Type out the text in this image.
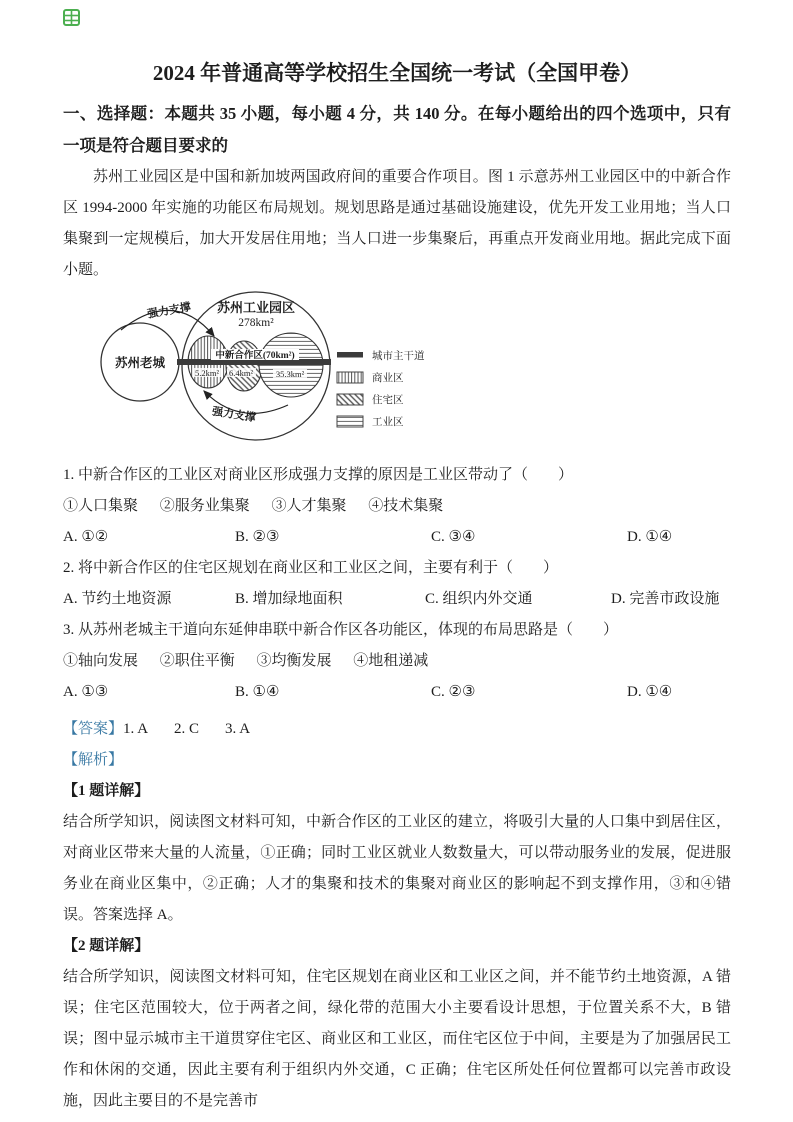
2024 年普通高等学校招生全国统一考试（全国甲卷）
一、选择题：本题共 35 小题，每小题 4 分，共 140 分。在每小题给出的四个选项中，只有一项是符合题目要求的

苏州工业园区是中国和新加坡两国政府间的重要合作项目。图 1 示意苏州工业园区中的中新合作区 1994-2000 年实施的功能区布局规划。规划思路是通过基础设施建设，优先开发工业用地；当人口集聚到一定规模后，加大开发居住用地；当人口进一步集聚后，再重点开发商业用地。据此完成下面小题。

苏州工业园区
278km²
中新合作区(70km²)
5.2km² 6.4km²	35.3km²
苏州老城
强力支撑
强力支撑
城市主干道
商业区
住宅区
工业区
1. 中新合作区的工业区对商业区形成强力支撑的原因是工业区带动了（　　）
①人口集聚 ②服务业集聚 ③人才集聚 ④技术集聚
A. ①②	B. ②③	C. ③④	D. ①④
2. 将中新合作区的住宅区规划在商业区和工业区之间，主要有利于（　　）
A. 节约土地资源	B. 增加绿地面积	C. 组织内外交通	D. 完善市政设施
3. 从苏州老城主干道向东延伸串联中新合作区各功能区，体现的布局思路是（　　）
①轴向发展 ②职住平衡 ③均衡发展 ④地租递减
A. ①③	B. ①④	C. ②③	D. ①④
【答案】1. A 2. C 3. A
【解析】
【1 题详解】

结合所学知识，阅读图文材料可知，中新合作区的工业区的建立，将吸引大量的人口集中到居住区，对商业区带来大量的人流量，①正确；同时工业区就业人数数量大，可以带动服务业的发展，促进服务业在商业区集中，②正确；人才的集聚和技术的集聚对商业区的影响起不到支撑作用，③和④错误。答案选择 A。

【2 题详解】

结合所学知识，阅读图文材料可知，住宅区规划在商业区和工业区之间，并不能节约土地资源，A 错误；住宅区范围较大，位于两者之间，绿化带的范围大小主要看设计思想，于位置关系不大，B 错误；图中显示城市主干道贯穿住宅区、商业区和工业区，而住宅区位于中间，主要是为了加强居民工作和休闲的交通，因此主要有利于组织内外交通，C 正确；住宅区所处任何位置都可以完善市政设施，因此主要目的不是完善市
